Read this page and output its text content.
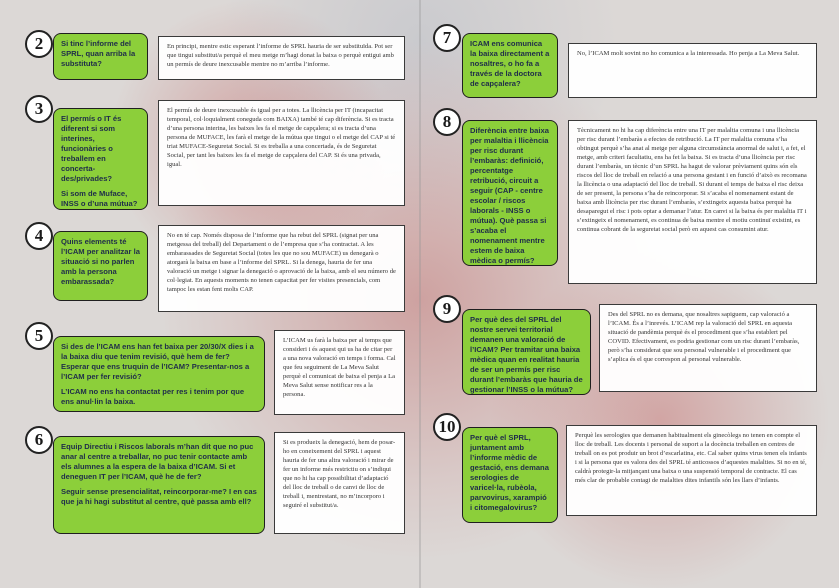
2	Si tinc l’informe del SPRL, quan arriba la substituta?

En principi, mentre estic esperant l’informe de SPRL hauria de ser substituïda. Pot ser que tingui substitut/a perquè el meu metge m’hagi donat la baixa o perquè entigui amb un permís de deure inexcusable mentre no m’arriba l’informe.
3

El permís o IT és diferent si som interines, funcionàries o treballem en concerta-des/privades?

Si som de Muface, INSS o d’una mútua?

El permís de deure inexcusable és igual per a totes. La llicència per IT (incapacitat temporal, col·loquialment conegudа com BAIXA) també té cap diferència. Si es tracta d’una persona interina, les baixes les fa el metge de capçalera; si es tracta d’una persona de MUFACE, les farà el metge de la mútua que tingui o el metge del CAP si té triat MUFACE-Seguretat Social. Si es treballa a una concertada, és de Seguretat Social, per tant les baixes les fa el metge de capçalera del CAP. Si és una privada, igual.
4	Quins elements té l’ICAM per analitzar la situació si no parlen amb la persona embarassada?

No en té cap. Només disposa de l’informe que ha rebut del SPRL (signat per una metgessa del treball) del Departament o de l’empresa que s’ha contractat. A les embarassades de Seguretat Social (totes les que no sou MUFACE) us denegarà o atorgarà la baixa en base a l’informe del SPRL. Si la denega, hauria de fer una valoració un metge i signar la denegació o aprovació de la baixa, amb el seu número de col·legiat. En aquests moments no tenen capacitat per fer visites presencials, com tampoc les estan fent molts CAP.
5

Si des de l’ICAM ens han fet baixa per 20/30/X dies i a la baixa diu que tenim revisió, què hem de fer? Esperar que ens truquin de l’ICAM? Presentar-nos a l’ICAM per fer revisió?

L’ICAM no ens ha contactat per res i tenim por que ens anul·lin la baixa.

L’ICAM us farà la baixa per al temps que consideri i és aquest qui us ha de citar per a una nova valoració en temps i forma. Cal que feu seguiment de La Meva Salut perquè el comunicat de baixa el penja a La Meva Salut sense notificar res a la persona.
6	Equip Directiu i Riscos laborals m’han dit que no puc anar al centre a treballar, no puc tenir contacte amb els alumnes a la espera de la baixa d’ICAM. Si et deneguen IT per l’ICAM, què he de fer?

Seguir sense presencialitat, reincorporar-me? I en cas que ja hi hagi substitut al centre, què passa amb ell?

Si es produeix la denegació, hem de posar-ho en coneixement del SPRL i aquest hauria de fer una altra valoració i mirar de fer un informe més restrictiu on s’indiqui que no hi ha cap possibilitat d’adaptació del lloc de treball o de canvi de lloc de treball i, mentrestant, no m’incorporo i seguiré el substitut/a.
7	ICAM ens comunica la baixa directament a nosaltres, o ho fa a través de la doctora de capçalera?

No, l’ICAM molt sovint no ho comunica a la interessada. Ho penja a La Meva Salut.
8	Diferència entre baixa per malaltia i llicència per risc durant l’embaràs: definició, percentatge retribució, circuit a seguir (CAP - centre escolar / riscos laborals - INSS o mútua). Què passa si s’acaba el nomenament mentre estem de baixa mèdica o permís?

Tècnicament no hi ha cap diferència entre una IT per malaltia comuna i una llicència per risc durant l’embaràs a efectes de retribució. La IT per malaltia comuna s’ha obtingut perquè s’ha anat al metge per alguna circumstància anormal de salut i, a fet, el metge, amb criteri facultatiu, ens ha fet la baixa. Si es tracta d’una llicència per risc durant l’embaràs, un tècnic d’un SPRL ha hagut de valorar prèviament quins són els riscos del lloc de treball en relació a una persona gestant i en funció d’això es recomana la llicència o una adaptació del lloc de treball. Si durant el temps de baixa el risc deixa de ser present, la persona s’ha de reincorporar. Si s’acaba el nomenament estant de baixa amb llicència per risc durant l’embaràs, s’extingeix aquesta baixa perquè ha desaparegut el risc i pots optar a demanar l’atur. En canvi si la baixa és per malaltia IT i s’extingeix el nomenament, es continua de baixa mentre el motiu continuï existint, es continua cobrant de la seguretat social però en aquest cas consumint atur.
9

Per què des del SPRL del nostre servei territorial demanen una valoració de l’ICAM? Per tramitar una baixa mèdica quan en realitat hauria de ser un permís per risc durant l’embaràs que hauria de gestionar l’INSS o la mútua?

Des del SPRL no es demana, que nosaltres sapiguem, cap valoració a l’ICAM. És a l’inrevés. L’ICAM rep la valoració del SPRL en aquesta situació de pandèmia perquè és el procediment que s’ha establert pel COVID. Efectivament, es podria gestionar com un risc durant l’embaràs, però s’ha considerat que sou personal vulnerable i el procediment que s’aplica és el que correspon al personal vulnerable.
10

Per què el SPRL, juntament amb l’informe mèdic de gestació, ens demana serologies de varicel·la, rubèola, parvovirus, xarampió i citomegalovirus?

Perquè les serologies que demanen habitualment els ginecòlegs no tenen en compte el lloc de treball. Les docents i personal de suport a la docència treballen en centres de treball on es pot produir un brot d’escarlatina, etc. Cal saber quins virus tenen els infants i si la persona que es valora des del SPRL té anticossos d’aquestes malalties. Si no en té, caldrà protegir-la mitjançant una baixa o una suspensió temporal de contracte. El cas més clar de probable contagi de malalties dites infantils són les llars d’infants.
